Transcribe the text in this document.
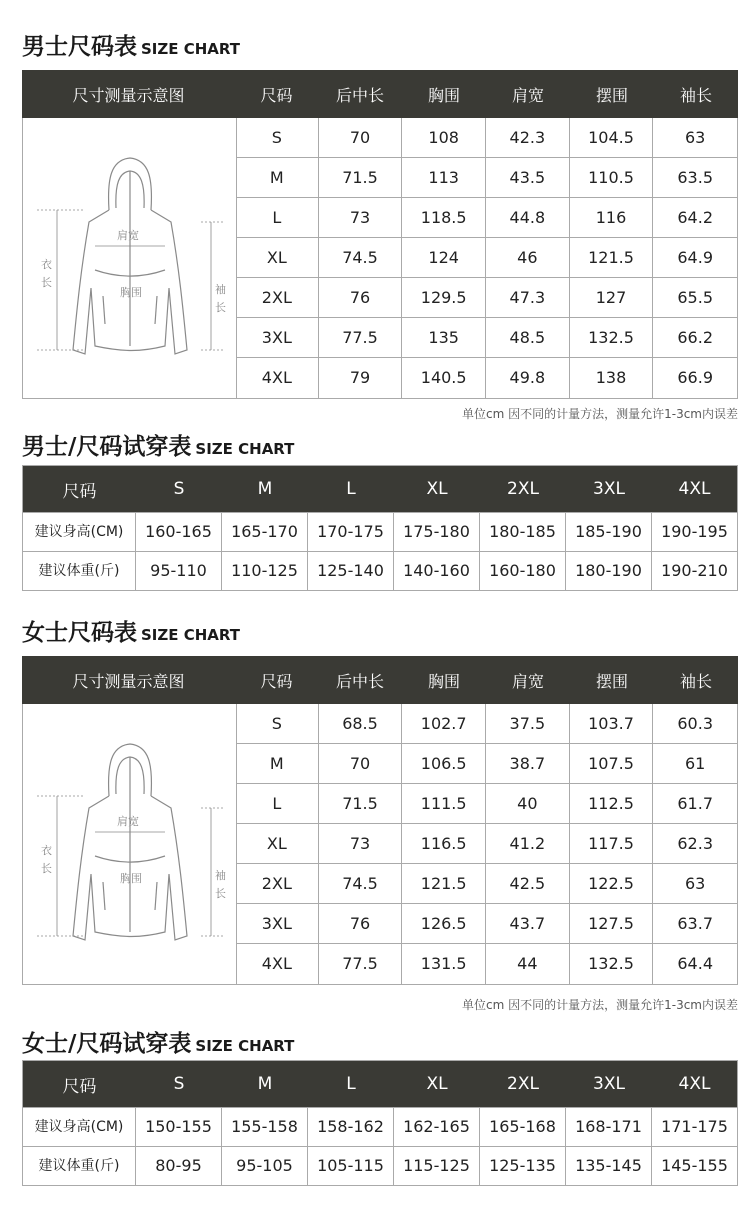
男士尺码表 SIZE CHART
尺寸测量示意图	尺码	后中长	胸围	肩宽	摆围	袖长
衣
长
袖
长
肩宽
胸围
S	70	108	42.3	104.5	63
M	71.5	113	43.5	110.5	63.5
L	73	118.5	44.8	116	64.2
XL	74.5	124	46	121.5	64.9
2XL	76	129.5	47.3	127	65.5
3XL	77.5	135	48.5	132.5	66.2
4XL	79	140.5	49.8	138	66.9
单位cm 因不同的计量方法，测量允许1-3cm内误差
男士/尺码试穿表 SIZE CHART
尺码	S	M	L	XL	2XL	3XL	4XL
建议身高(CM)	160-165	165-170	170-175	175-180	180-185	185-190	190-195
建议体重(斤)	95-110	110-125	125-140	140-160	160-180	180-190	190-210
女士尺码表 SIZE CHART
尺寸测量示意图	尺码	后中长	胸围	肩宽	摆围	袖长
衣
长
袖
长
肩宽
胸围
S	68.5	102.7	37.5	103.7	60.3
M	70	106.5	38.7	107.5	61
L	71.5	111.5	40	112.5	61.7
XL	73	116.5	41.2	117.5	62.3
2XL	74.5	121.5	42.5	122.5	63
3XL	76	126.5	43.7	127.5	63.7
4XL	77.5	131.5	44	132.5	64.4
单位cm 因不同的计量方法，测量允许1-3cm内误差
女士/尺码试穿表 SIZE CHART
尺码	S	M	L	XL	2XL	3XL	4XL
建议身高(CM)	150-155	155-158	158-162	162-165	165-168	168-171	171-175
建议体重(斤)	80-95	95-105	105-115	115-125	125-135	135-145	145-155
